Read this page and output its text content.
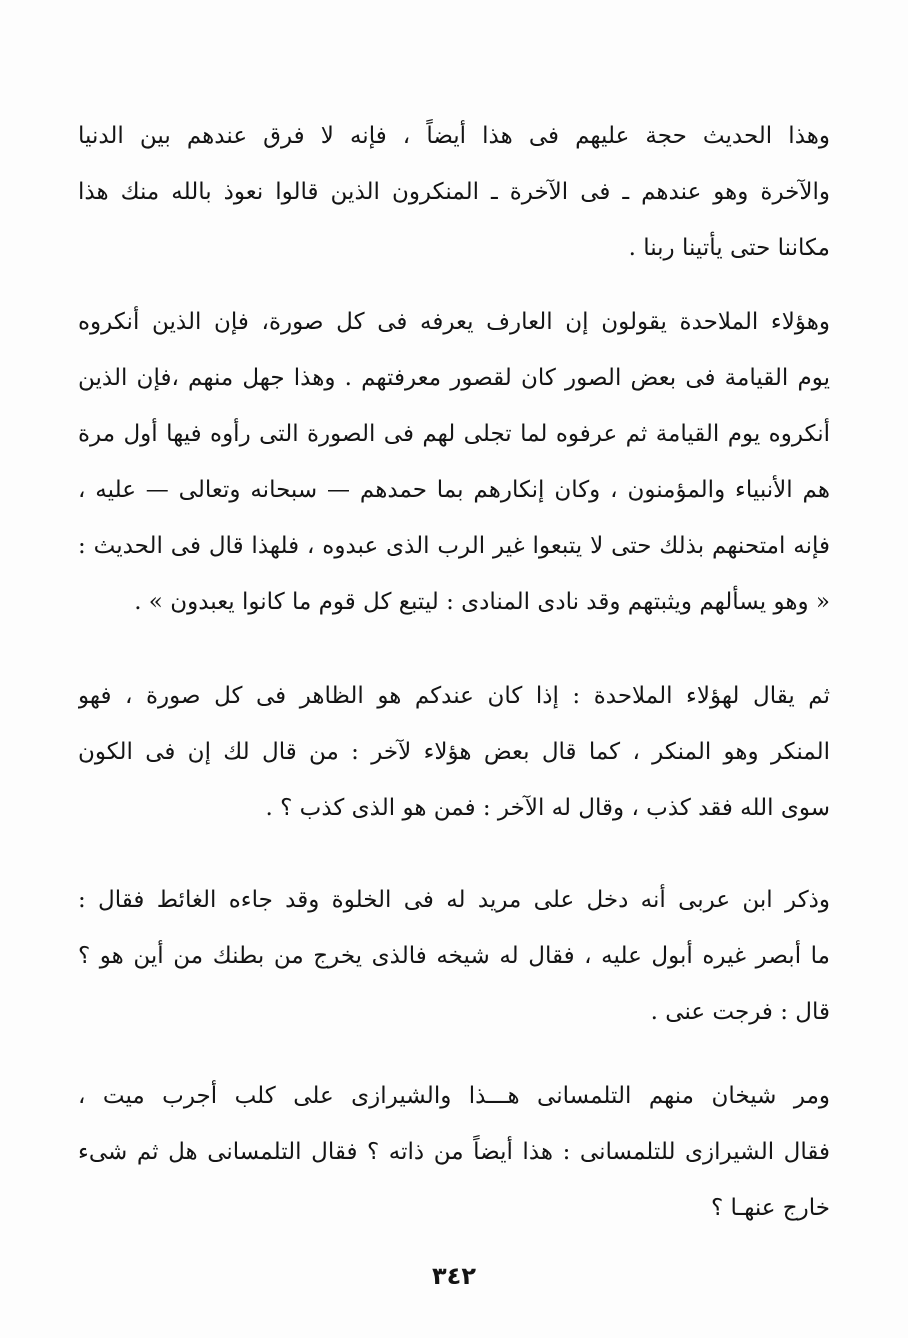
وهذا الحديث حجة عليهم فى هذا أيضاً ، فإنه لا فرق عندهم بين الدنيا
والآخرة وهو عندهم ـ فى الآخرة ـ المنكرون الذين قالوا نعوذ بالله منك هذا
مكاننا حتى يأتينا ربنا .
وهؤلاء الملاحدة يقولون إن العارف يعرفه فى كل صورة، فإن الذين أنكروه
يوم القيامة فى بعض الصور كان لقصور معرفتهم . وهذا جهل منهم ،فإن الذين
أنكروه يوم القيامة ثم عرفوه لما تجلى لهم فى الصورة التى رأوه فيها أول مرة
هم الأنبياء والمؤمنون ، وكان إنكارهم بما حمدهم — سبحانه وتعالى — عليه ،
فإنه امتحنهم بذلك حتى لا يتبعوا غير الرب الذى عبدوه ، فلهذا قال فى الحديث :
« وهو يسألهم ويثبتهم وقد نادى المنادى : ليتبع كل قوم ما كانوا يعبدون » .
ثم يقال لهؤلاء الملاحدة : إذا كان عندكم هو الظاهر فى كل صورة ، فهو
المنكر وهو المنكر ، كما قال بعض هؤلاء لآخر : من قال لك إن فى الكون
سوى الله فقد كذب ، وقال له الآخر : فمن هو الذى كذب ؟ .
وذكر ابن عربى أنه دخل على مريد له فى الخلوة وقد جاءه الغائط فقال :
ما أبصر غيره أبول عليه ، فقال له شيخه فالذى يخرج من بطنك من أين هو ؟
قال : فرجت عنى .
ومر شيخان منهم التلمسانى هـــذا والشيرازى على كلب أجرب ميت ،
فقال الشيرازى للتلمسانى : هذا أيضاً من ذاته ؟ فقال التلمسانى هل ثم شىء
خارج عنهـا ؟
٣٤٢
